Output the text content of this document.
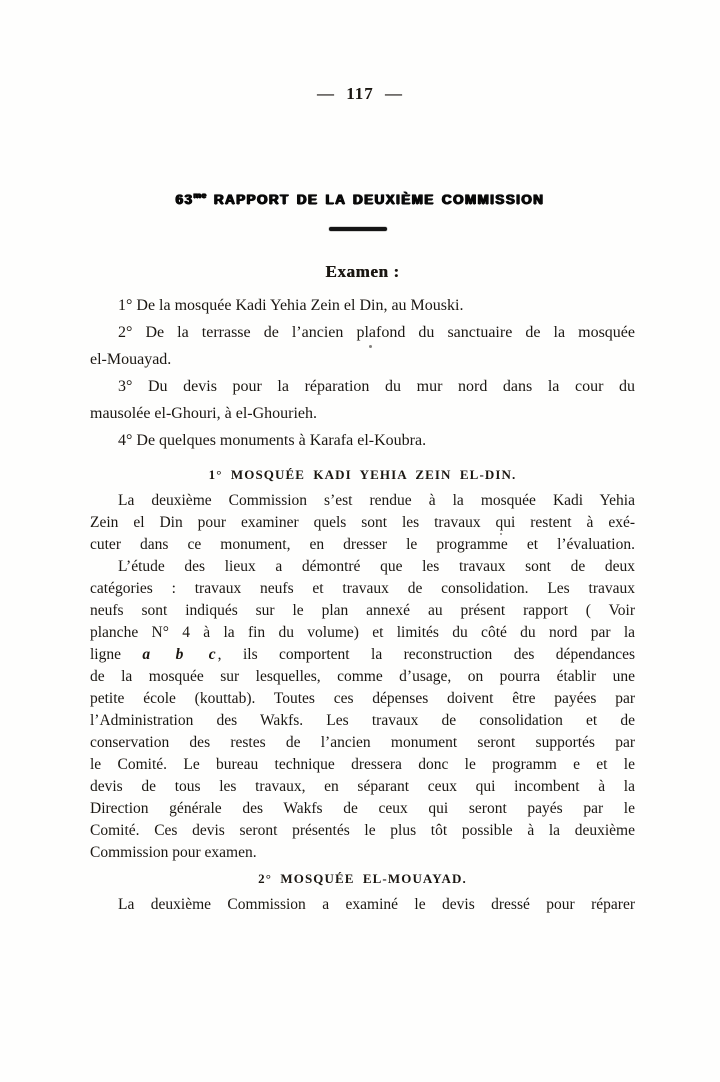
— 117 —
$63^{me}$ RAPPORT DE LA DEUXIÈME COMMISSION
Examen :
1° De la mosquée Kadi Yehia Zein el Din, au Mouski.
2° De la terrasse de l’ancien plafond du sanctuaire de la mosquée
el-Mouayad.
3° Du devis pour la réparation du mur nord dans la cour du
mausolée el-Ghouri, à el-Ghourieh.
4° De quelques monuments à Karafa el-Koubra.
1° MOSQUÉE KADI YEHIA ZEIN EL-DIN.
La deuxième Commission s’est rendue à la mosquée Kadi Yehia
Zein el Din pour examiner quels sont les travaux qui restent à exé-
cuter dans ce monument, en dresser le programme et l’évaluation.
L’étude des lieux a démontré que les travaux sont de deux
catégories : travaux neufs et travaux de consolidation. Les travaux
neufs sont indiqués sur le plan annexé au présent rapport ( Voir
planche N° 4 à la fin du volume) et limités du côté du nord par la
ligne a b c, ils comportent la reconstruction des dépendances
de la mosquée sur lesquelles, comme d’usage, on pourra établir une
petite école (kouttab). Toutes ces dépenses doivent être payées par
l’Administration des Wakfs. Les travaux de consolidation et de
conservation des restes de l’ancien monument seront supportés par
le Comité. Le bureau technique dressera donc le programm e et le
devis de tous les travaux, en séparant ceux qui incombent à la
Direction générale des Wakfs de ceux qui seront payés par le
Comité. Ces devis seront présentés le plus tôt possible à la deuxième
Commission pour examen.
2° MOSQUÉE EL-MOUAYAD.
La deuxième Commission a examiné le devis dressé pour réparer
